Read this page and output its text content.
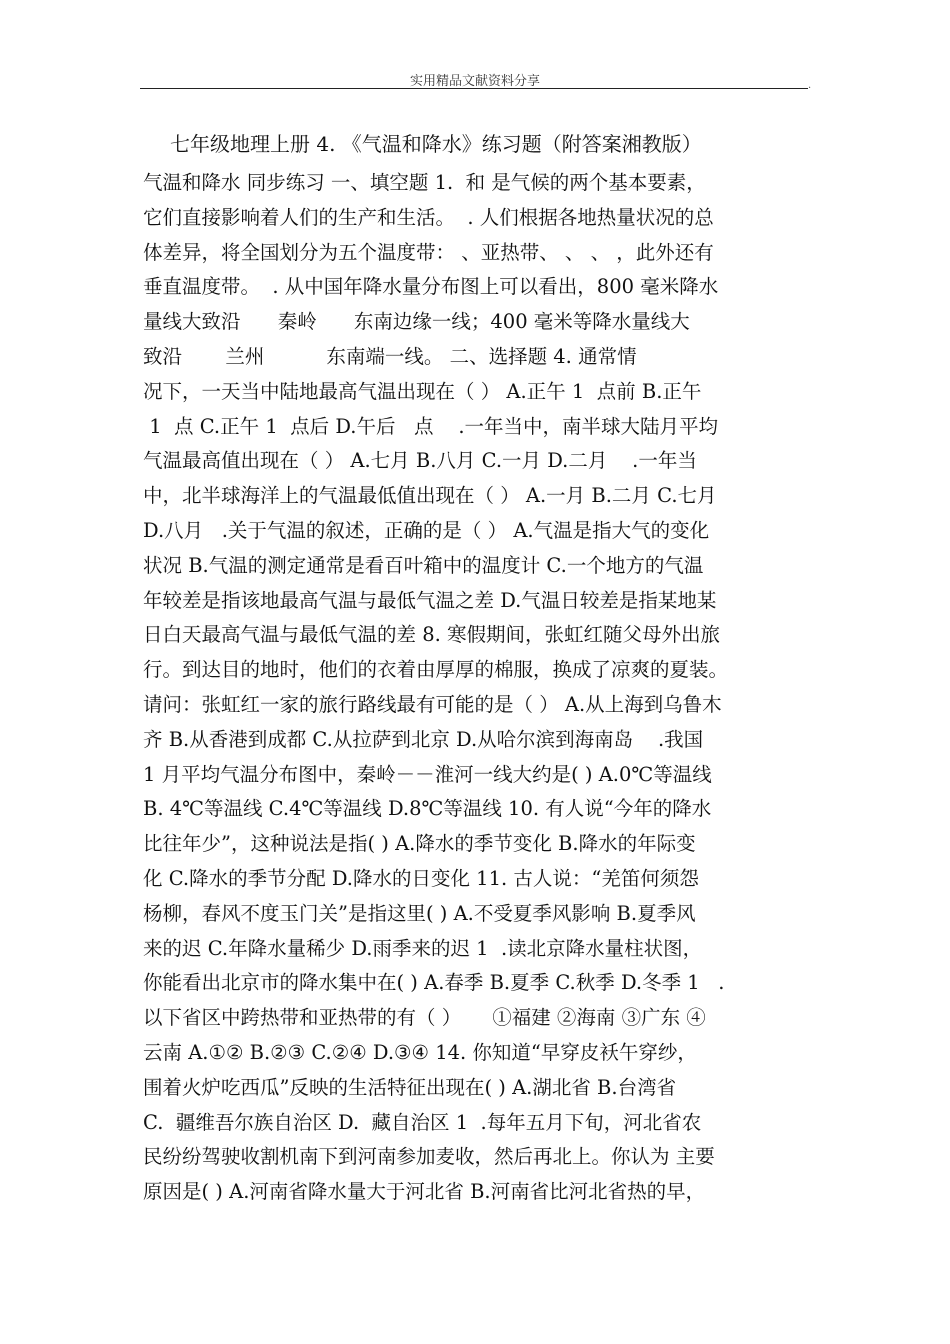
实用精品文献资料分享	.
七年级地理上册 4. 《气温和降水》练习题（附答案湘教版）
气温和降水 同步练习 一、填空题 1.  和 是气候的两个基本要素，
它们直接影响着人们的生产和生活。  . 人们根据各地热量状况的总
体差异，将全国划分为五个温度带： 、亚热带、 、 、 ，此外还有
垂直温度带。  . 从中国年降水量分布图上可以看出，800 毫米降水
量线大致沿      秦岭      东南边缘一线；400 毫米等降水量线大
致沿       兰州          东南端一线。 二、选择题 4. 通常情
况下，一天当中陆地最高气温出现在（ ） A.正午 1  点前 B.正午
1  点 C.正午 1  点后 D.午后   点    .一年当中，南半球大陆月平均
气温最高值出现在（ ） A.七月 B.八月 C.一月 D.二月    .一年当
中，北半球海洋上的气温最低值出现在（ ） A.一月 B.二月 C.七月
D.八月   .关于气温的叙述，正确的是（ ） A.气温是指大气的变化
状况 B.气温的测定通常是看百叶箱中的温度计 C.一个地方的气温
年较差是指该地最高气温与最低气温之差 D.气温日较差是指某地某
日白天最高气温与最低气温的差 8. 寒假期间，张虹红随父母外出旅
行。到达目的地时，他们的衣着由厚厚的棉服，换成了凉爽的夏装。
请问：张虹红一家的旅行路线最有可能的是（ ） A.从上海到乌鲁木
齐 B.从香港到成都 C.从拉萨到北京 D.从哈尔滨到海南岛    .我国
1 月平均气温分布图中，秦岭－－淮河一线大约是( ) A.0℃等温线
B. 4℃等温线 C.4℃等温线 D.8℃等温线 10. 有人说“今年的降水
比往年少”，这种说法是指( ) A.降水的季节变化 B.降水的年际变
化 C.降水的季节分配 D.降水的日变化 11. 古人说：“羌笛何须怨
杨柳，春风不度玉门关”是指这里( ) A.不受夏季风影响 B.夏季风
来的迟 C.年降水量稀少 D.雨季来的迟 1  .读北京降水量柱状图，
你能看出北京市的降水集中在( ) A.春季 B.夏季 C.秋季 D.冬季 1   .
以下省区中跨热带和亚热带的有（ ）     ①福建 ②海南 ③广东 ④
云南 A.①② B.②③ C.②④ D.③④ 14. 你知道“早穿皮袄午穿纱，
围着火炉吃西瓜”反映的生活特征出现在( ) A.湖北省 B.台湾省
C.  疆维吾尔族自治区 D.  藏自治区 1  .每年五月下旬，河北省农
民纷纷驾驶收割机南下到河南参加麦收，然后再北上。你认为 主要
原因是( ) A.河南省降水量大于河北省 B.河南省比河北省热的早，
